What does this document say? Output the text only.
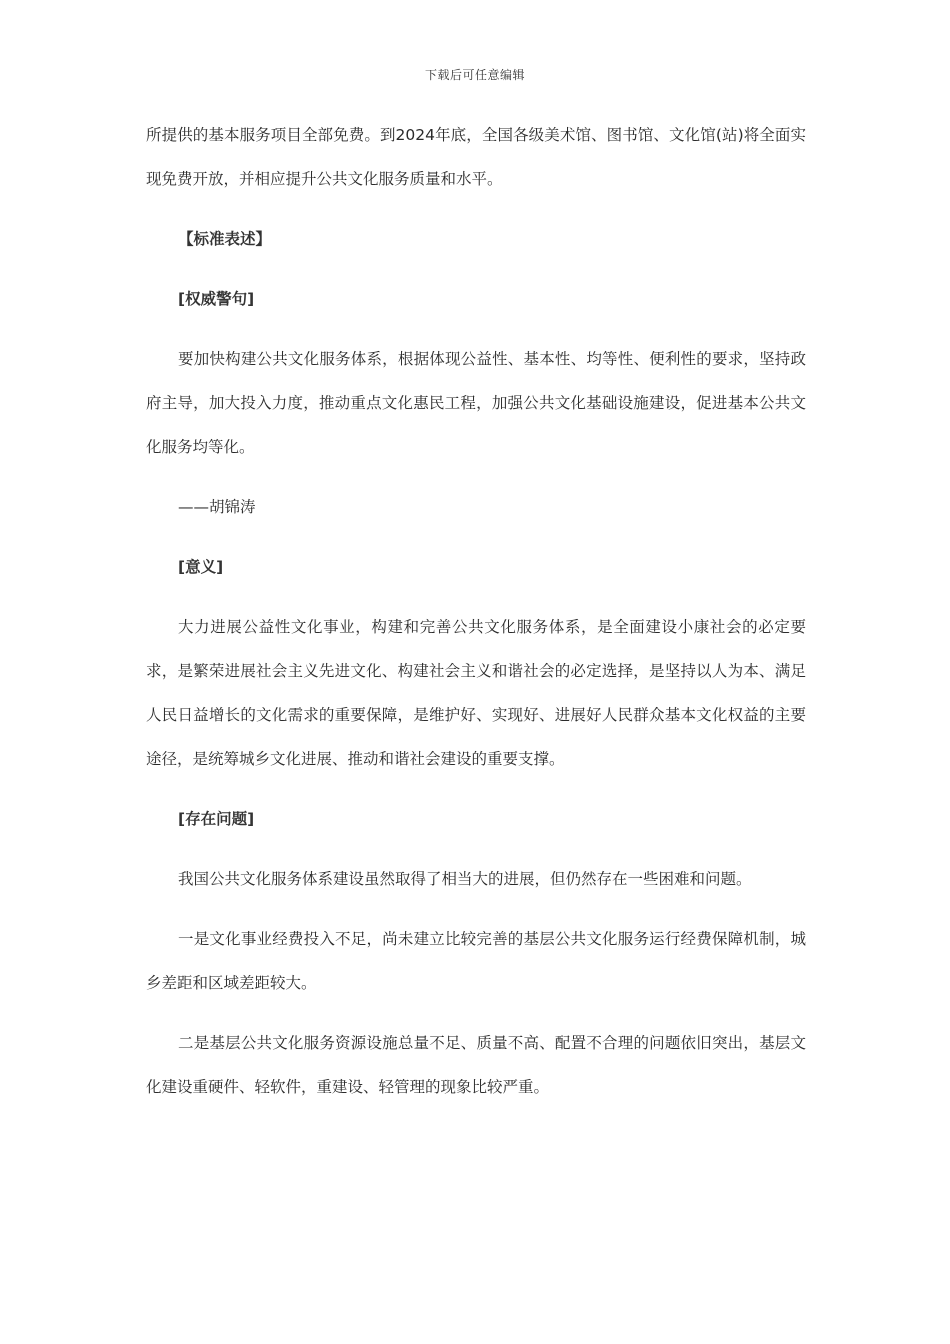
下载后可任意编辑

所提供的基本服务项目全部免费。到2024年底，全国各级美术馆、图书馆、文化馆(站)将全面实现免费开放，并相应提升公共文化服务质量和水平。

【标准表述】

[权威警句]

要加快构建公共文化服务体系，根据体现公益性、基本性、均等性、便利性的要求，坚持政府主导，加大投入力度，推动重点文化惠民工程，加强公共文化基础设施建设，促进基本公共文化服务均等化。

——胡锦涛

[意义]

大力进展公益性文化事业，构建和完善公共文化服务体系，是全面建设小康社会的必定要求，是繁荣进展社会主义先进文化、构建社会主义和谐社会的必定选择，是坚持以人为本、满足人民日益增长的文化需求的重要保障，是维护好、实现好、进展好人民群众基本文化权益的主要途径，是统筹城乡文化进展、推动和谐社会建设的重要支撑。

[存在问题]

我国公共文化服务体系建设虽然取得了相当大的进展，但仍然存在一些困难和问题。

一是文化事业经费投入不足，尚未建立比较完善的基层公共文化服务运行经费保障机制，城乡差距和区域差距较大。

二是基层公共文化服务资源设施总量不足、质量不高、配置不合理的问题依旧突出，基层文化建设重硬件、轻软件，重建设、轻管理的现象比较严重。
